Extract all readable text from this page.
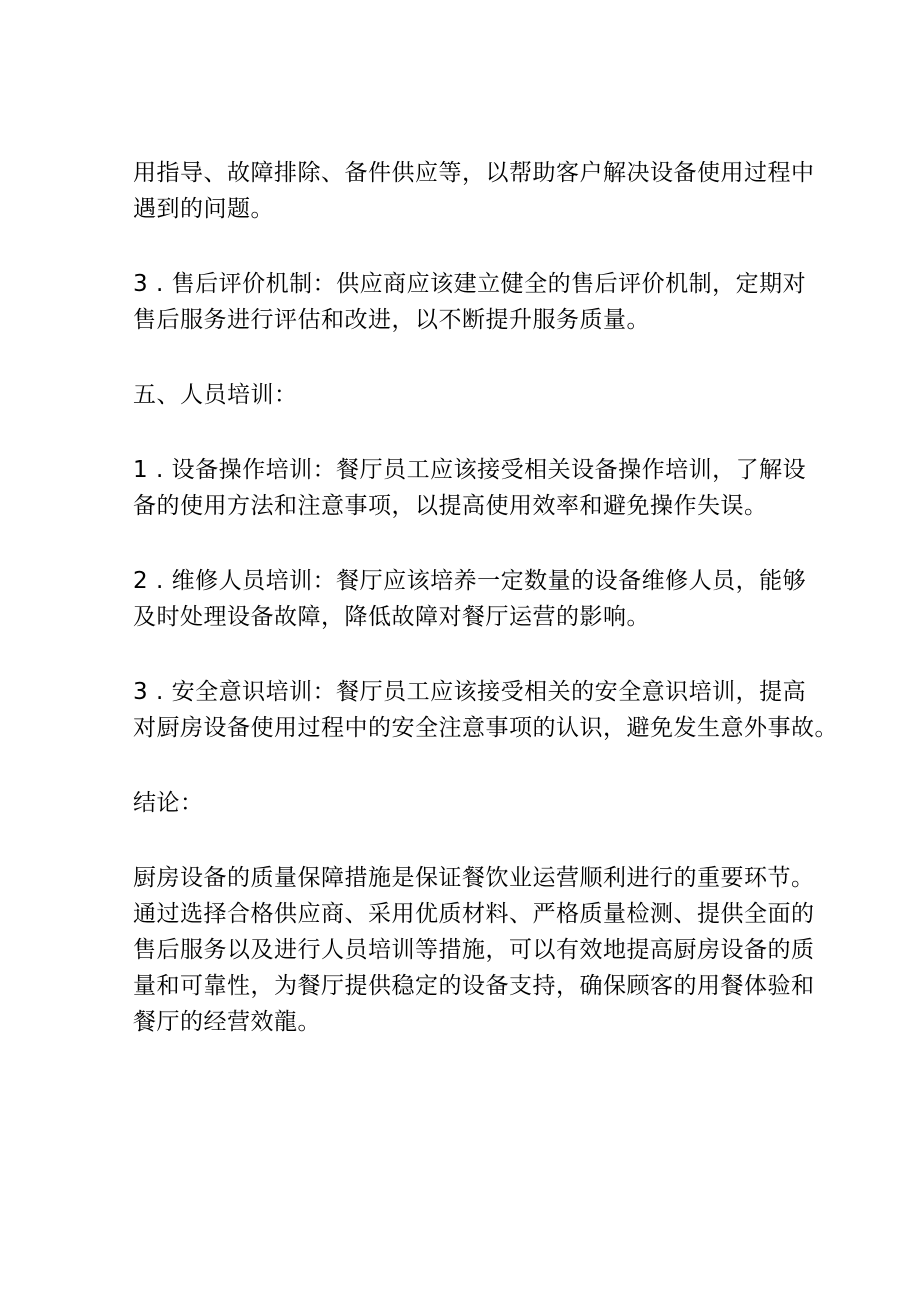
用指导、故障排除、备件供应等，以帮助客户解决设备使用过程中
遇到的问题。

3 . 售后评价机制：供应商应该建立健全的售后评价机制，定期对
售后服务进行评估和改进，以不断提升服务质量。

五、人员培训：

1 . 设备操作培训：餐厅员工应该接受相关设备操作培训，了解设
备的使用方法和注意事项，以提高使用效率和避免操作失误。

2 . 维修人员培训：餐厅应该培养一定数量的设备维修人员，能够
及时处理设备故障，降低故障对餐厅运营的影响。

3 . 安全意识培训：餐厅员工应该接受相关的安全意识培训，提高
对厨房设备使用过程中的安全注意事项的认识，避免发生意外事故。

结论：

厨房设备的质量保障措施是保证餐饮业运营顺利进行的重要环节。
通过选择合格供应商、采用优质材料、严格质量检测、提供全面的
售后服务以及进行人员培训等措施，可以有效地提高厨房设备的质
量和可靠性，为餐厅提供稳定的设备支持，确保顾客的用餐体验和
餐厅的经营效龍。
